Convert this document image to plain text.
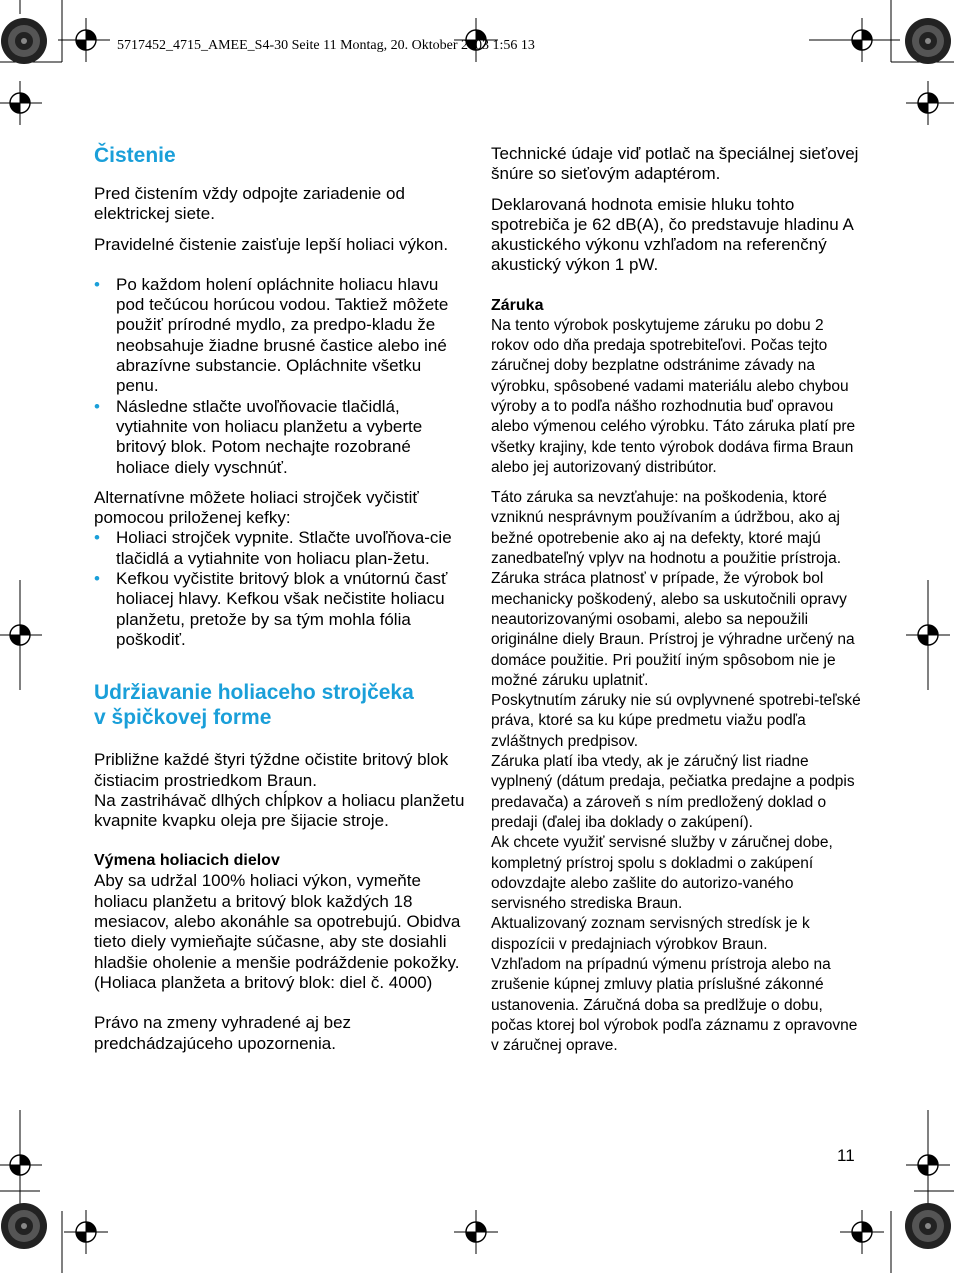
5717452_4715_AMEE_S4-30 Seite 11 Montag, 20. Oktober 2003 1:56 13
Čistenie

Pred čistením vždy odpojte zariadenie od elektrickej siete.

Pravidelné čistenie zaisťuje lepší holiaci výkon.

• Po každom holení opláchnite holiacu hlavu pod tečúcou horúcou vodou. Taktiež môžete použiť prírodné mydlo, za predpo-kladu že neobsahuje žiadne brusné častice alebo iné abrazívne substancie. Opláchnite všetku penu.
• Následne stlačte uvoľňovacie tlačidlá, vytiahnite von holiacu planžetu a vyberte britový blok. Potom nechajte rozobrané holiace diely vyschnúť.

Alternatívne môžete holiaci strojček vyčistiť pomocou priloženej kefky:

• Holiaci strojček vypnite. Stlačte uvoľňova-cie tlačidlá a vytiahnite von holiacu plan-žetu.
• Kefkou vyčistite britový blok a vnútornú časť holiacej hlavy. Kefkou však nečistite holiacu planžetu, pretože by sa tým mohla fólia poškodiť.
Udržiavanie holiaceho strojčeka
v špičkovej forme

Približne každé štyri týždne očistite britový blok čistiacim prostriedkom Braun.

Na zastrihávač dlhých chĺpkov a holiacu planžetu kvapnite kvapku oleja pre šijacie stroje.

Výmena holiacich dielov

Aby sa udržal 100% holiaci výkon, vymeňte holiacu planžetu a britový blok každých 18 mesiacov, alebo akonáhle sa opotrebujú. Obidva tieto diely vymieňajte súčasne, aby ste dosiahli hladšie oholenie a menšie podráždenie pokožky.

(Holiaca planžeta a britový blok: diel č. 4000)

Právo na zmeny vyhradené aj bez predchádzajúceho upozornenia.

Technické údaje viď potlač na špeciálnej sieťovej šnúre so sieťovým adaptérom.

Deklarovaná hodnota emisie hluku tohto spotrebiča je 62 dB(A), čo predstavuje hladinu A akustického výkonu vzhľadom na referenčný akustický výkon 1 pW.

Záruka

Na tento výrobok poskytujeme záruku po dobu 2 rokov odo dňa predaja spotrebiteľovi. Počas tejto záručnej doby bezplatne odstránime závady na výrobku, spôsobené vadami materiálu alebo chybou výroby a to podľa nášho rozhodnutia buď opravou alebo výmenou celého výrobku. Táto záruka platí pre všetky krajiny, kde tento výrobok dodáva firma Braun alebo jej autorizovaný distribútor.

Táto záruka sa nevzťahuje: na poškodenia, ktoré vzniknú nesprávnym používaním a údržbou, ako aj bežné opotrebenie ako aj na defekty, ktoré majú zanedbateľný vplyv na hodnotu a použitie prístroja. Záruka stráca platnosť v prípade, že výrobok bol mechanicky poškodený, alebo sa uskutočnili opravy neautorizovanými osobami, alebo sa nepoužili originálne diely Braun. Prístroj je výhradne určený na domáce použitie. Pri použití iným spôsobom nie je možné záruku uplatniť.

Poskytnutím záruky nie sú ovplyvnené spotrebi-teľské práva, ktoré sa ku kúpe predmetu viažu podľa zvláštnych predpisov.

Záruka platí iba vtedy, ak je záručný list riadne vyplnený (dátum predaja, pečiatka predajne a podpis predavača) a zároveň s ním predložený doklad o predaji (ďalej iba doklady o zakúpení).

Ak chcete využiť servisné služby v záručnej dobe, kompletný prístroj spolu s dokladmi o zakúpení odovzdajte alebo zašlite do autorizo-vaného servisného strediska Braun.

Aktualizovaný zoznam servisných stredísk je k dispozícii v predajniach výrobkov Braun.

Vzhľadom na prípadnú výmenu prístroja alebo na zrušenie kúpnej zmluvy platia príslušné zákonné ustanovenia. Záručná doba sa predlžuje o dobu, počas ktorej bol výrobok podľa záznamu z opravovne v záručnej oprave.

11
